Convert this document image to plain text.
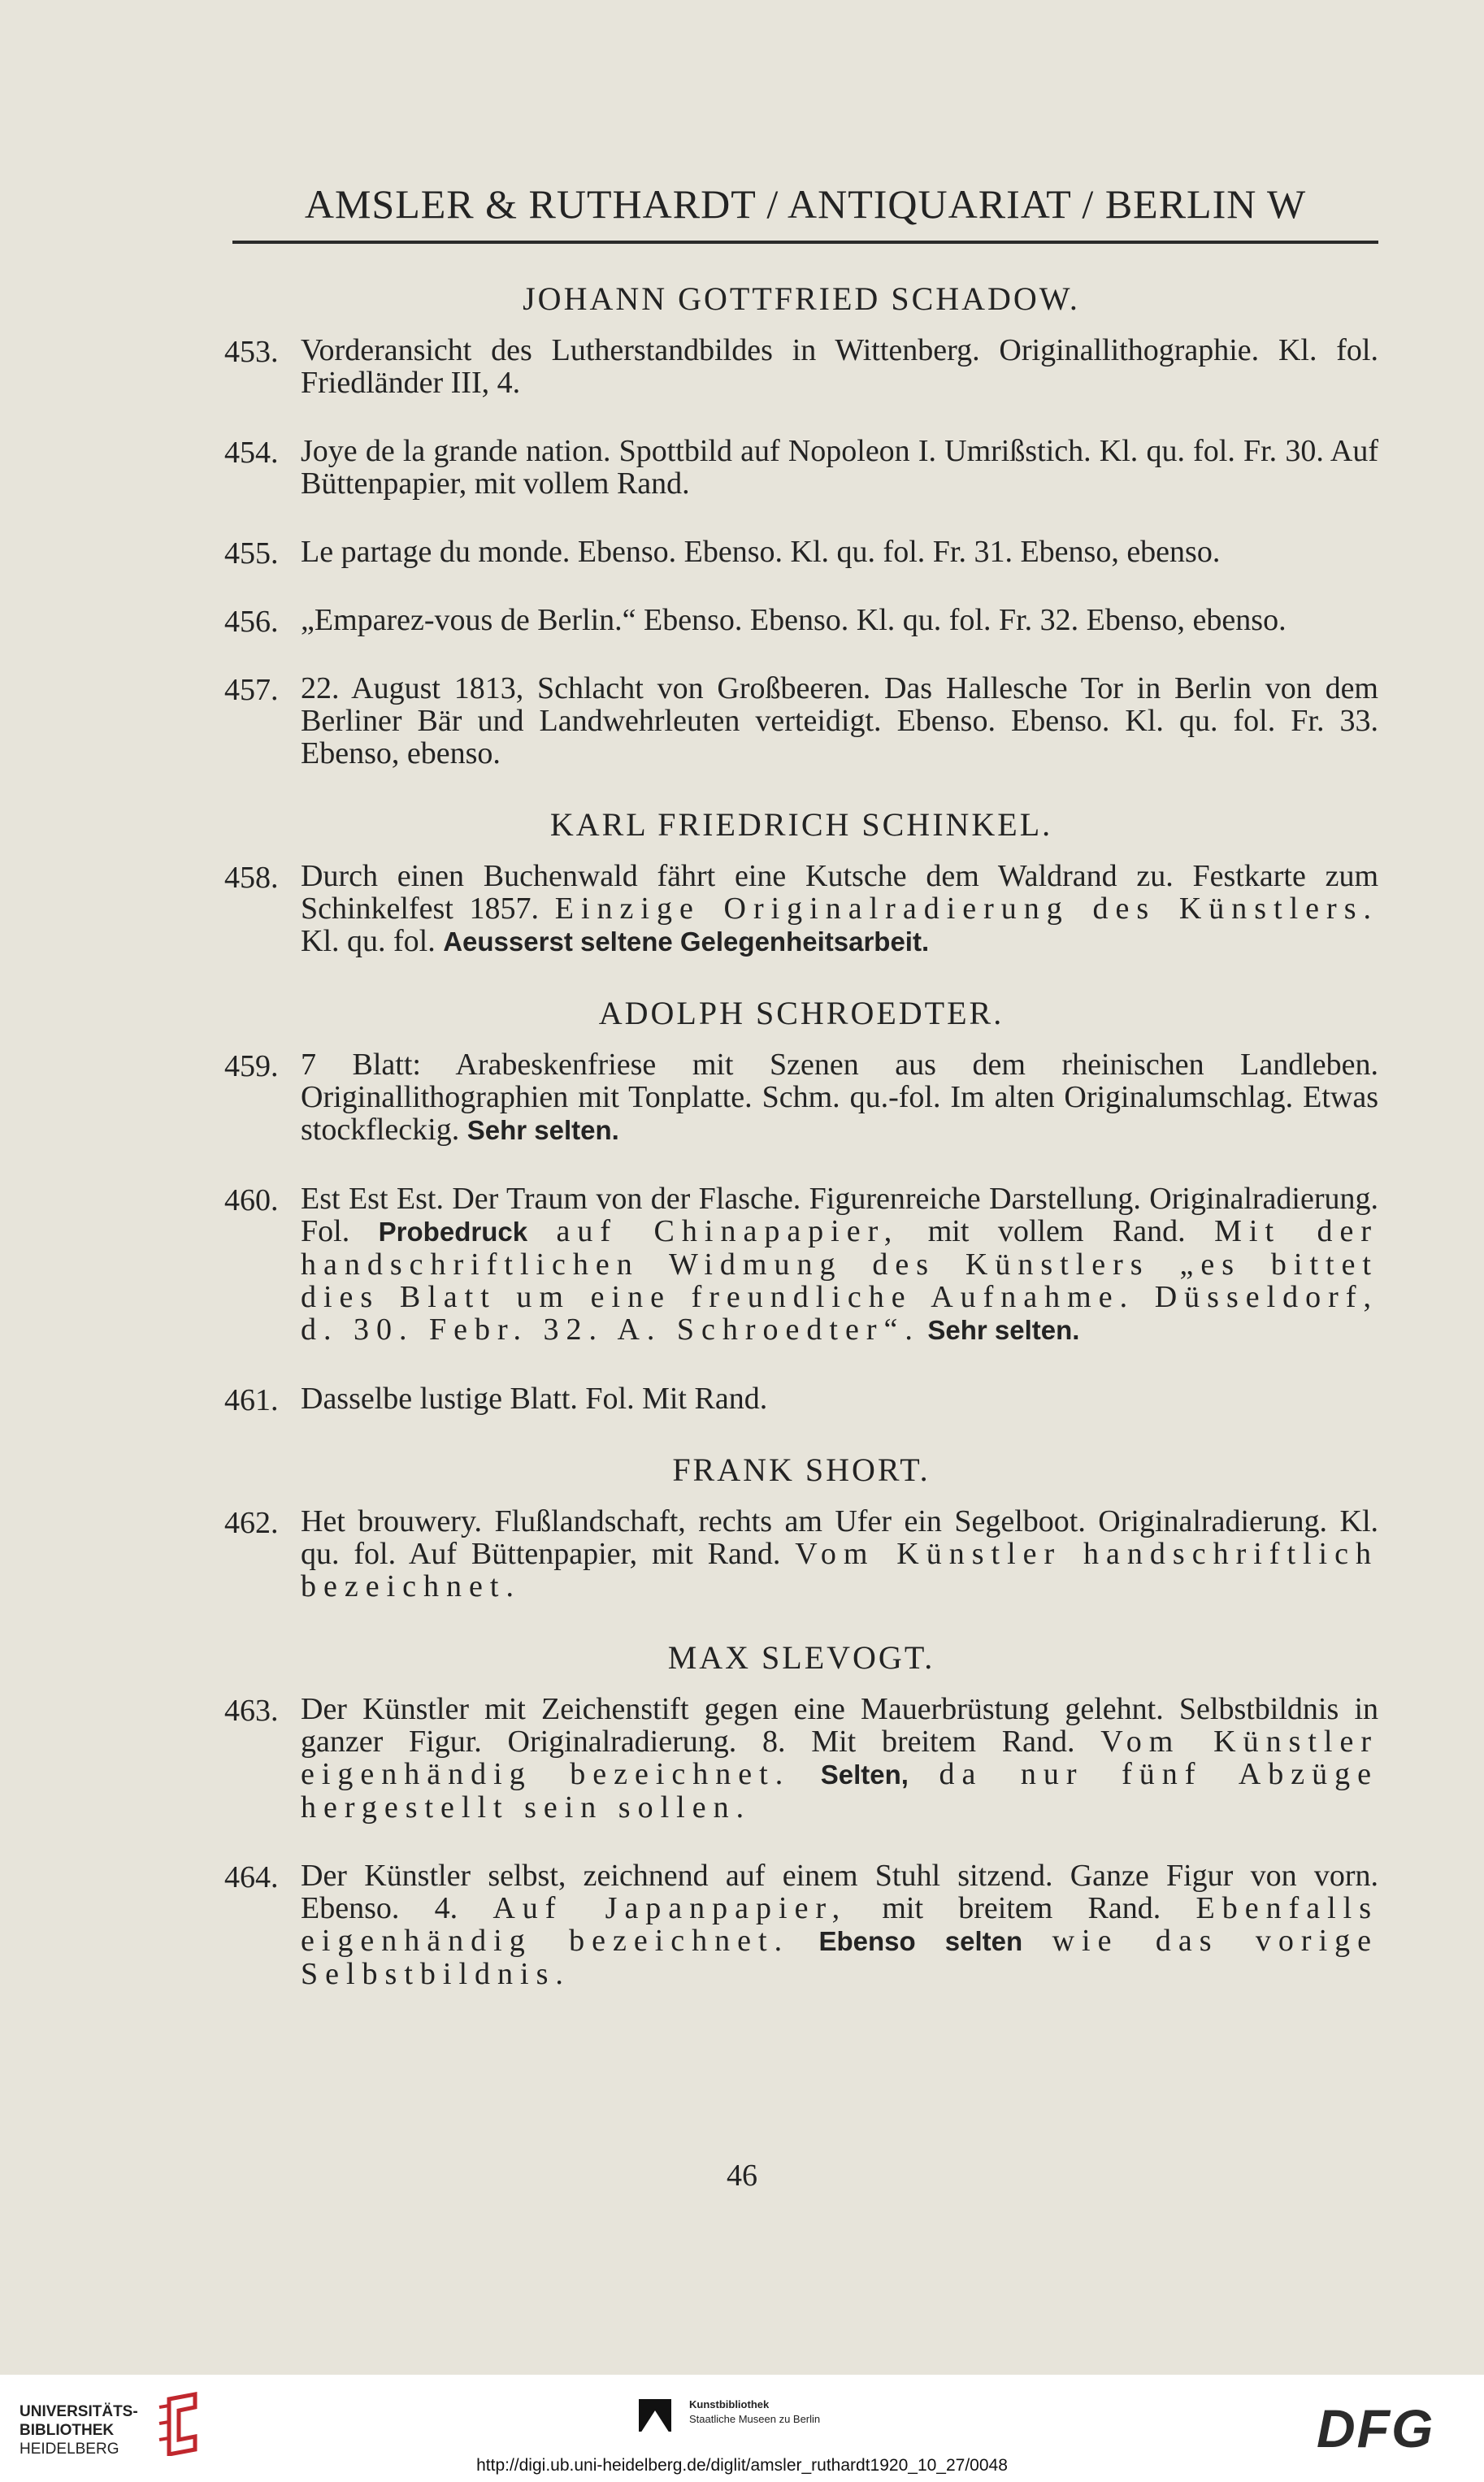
AMSLER & RUTHARDT / ANTIQUARIAT / BERLIN W
JOHANN GOTTFRIED SCHADOW.
453. Vorderansicht des Lutherstandbildes in Wittenberg. Originallithographie. Kl. fol. Friedländer III, 4.
454. Joye de la grande nation. Spottbild auf Nopoleon I. Umrißstich. Kl. qu. fol. Fr. 30. Auf Büttenpapier, mit vollem Rand.
455. Le partage du monde. Ebenso. Ebenso. Kl. qu. fol. Fr. 31. Ebenso, ebenso.
456. „Emparez-vous de Berlin.“ Ebenso. Ebenso. Kl. qu. fol. Fr. 32. Ebenso, ebenso.
457. 22. August 1813, Schlacht von Großbeeren. Das Hallesche Tor in Berlin von dem Berliner Bär und Landwehrleuten verteidigt. Ebenso. Ebenso. Kl. qu. fol. Fr. 33. Ebenso, ebenso.
KARL FRIEDRICH SCHINKEL.
458. Durch einen Buchenwald fährt eine Kutsche dem Waldrand zu. Festkarte zum Schinkelfest 1857. Einzige Originalradierung des Künstlers. Kl. qu. fol. Aeusserst seltene Gelegenheitsarbeit.
ADOLPH SCHROEDTER.
459. 7 Blatt: Arabeskenfriese mit Szenen aus dem rheinischen Landleben. Originallithographien mit Tonplatte. Schm. qu.-fol. Im alten Originalumschlag. Etwas stockfleckig. Sehr selten.
460. Est Est Est. Der Traum von der Flasche. Figurenreiche Darstellung. Originalradierung. Fol. Probedruck auf Chinapapier, mit vollem Rand. Mit der handschriftlichen Widmung des Künstlers „es bittet dies Blatt um eine freundliche Aufnahme. Düsseldorf, d. 30. Febr. 32. A. Schroedter“. Sehr selten.
461. Dasselbe lustige Blatt. Fol. Mit Rand.
FRANK SHORT.
462. Het brouwery. Flußlandschaft, rechts am Ufer ein Segelboot. Originalradierung. Kl. qu. fol. Auf Büttenpapier, mit Rand. Vom Künstler handschriftlich bezeichnet.
MAX SLEVOGT.
463. Der Künstler mit Zeichenstift gegen eine Mauerbrüstung gelehnt. Selbstbildnis in ganzer Figur. Originalradierung. 8. Mit breitem Rand. Vom Künstler eigenhändig bezeichnet. Selten, da nur fünf Abzüge hergestellt sein sollen.
464. Der Künstler selbst, zeichnend auf einem Stuhl sitzend. Ganze Figur von vorn. Ebenso. 4. Auf Japanpapier, mit breitem Rand. Ebenfalls eigenhändig bezeichnet. Ebenso selten wie das vorige Selbstbildnis.
46
UNIVERSITÄTS-
BIBLIOTHEK
HEIDELBERG
Kunstbibliothek
Staatliche Museen zu Berlin	DFG
http://digi.ub.uni-heidelberg.de/diglit/amsler_ruthardt1920_10_27/0048
